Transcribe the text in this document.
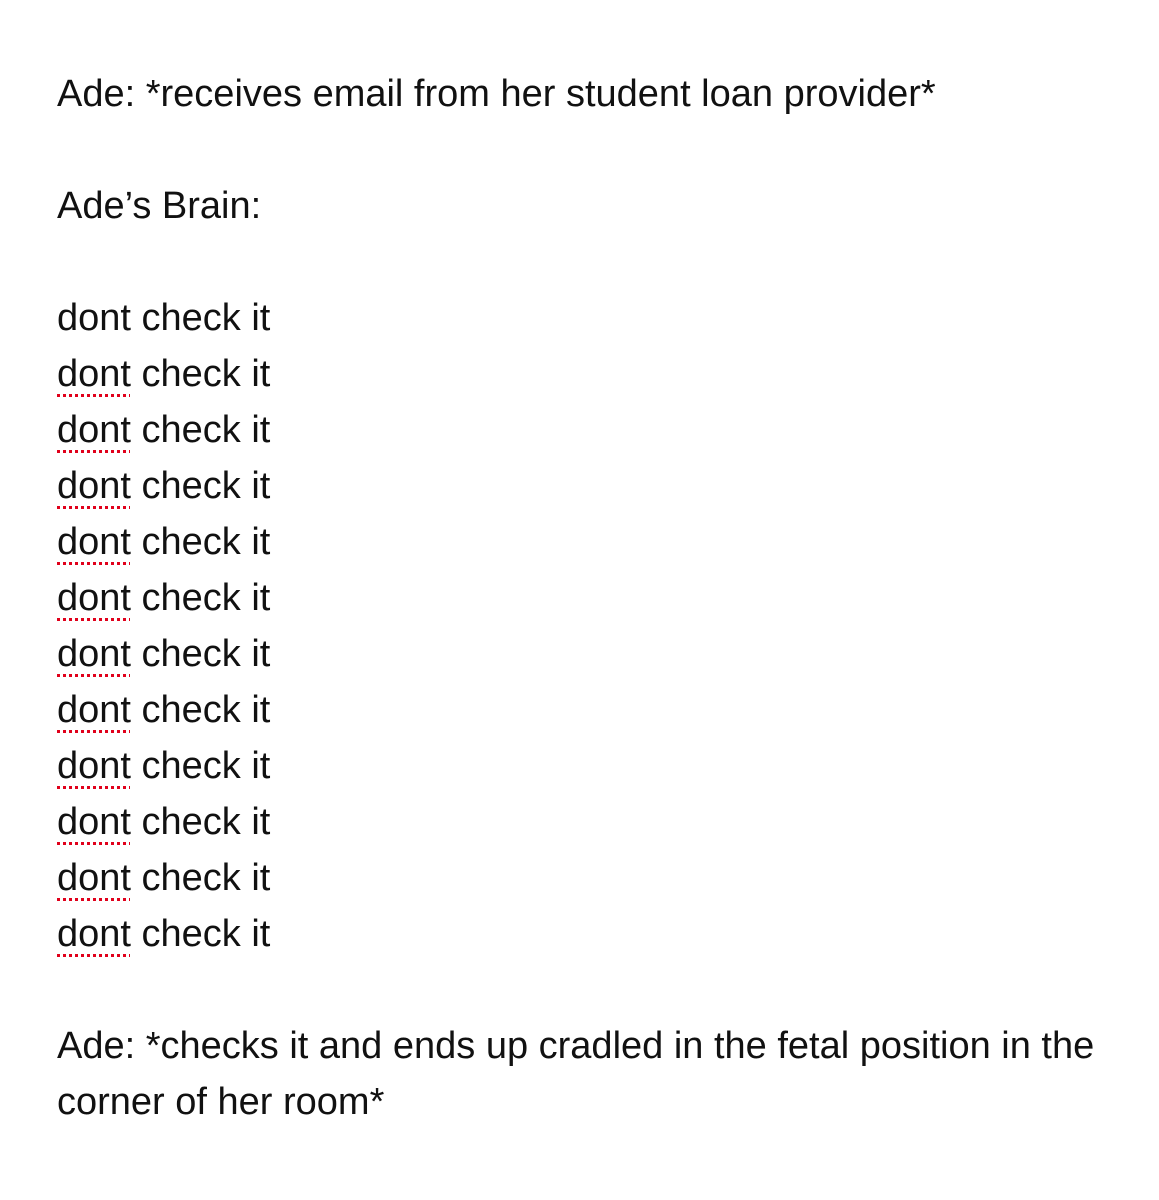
Ade: *receives email from her student loan provider*

Ade’s Brain:

dont check it
dont check it
dont check it
dont check it
dont check it
dont check it
dont check it
dont check it
dont check it
dont check it
dont check it
dont check it

Ade: *checks it and ends up cradled in the fetal position in the corner of her room*
